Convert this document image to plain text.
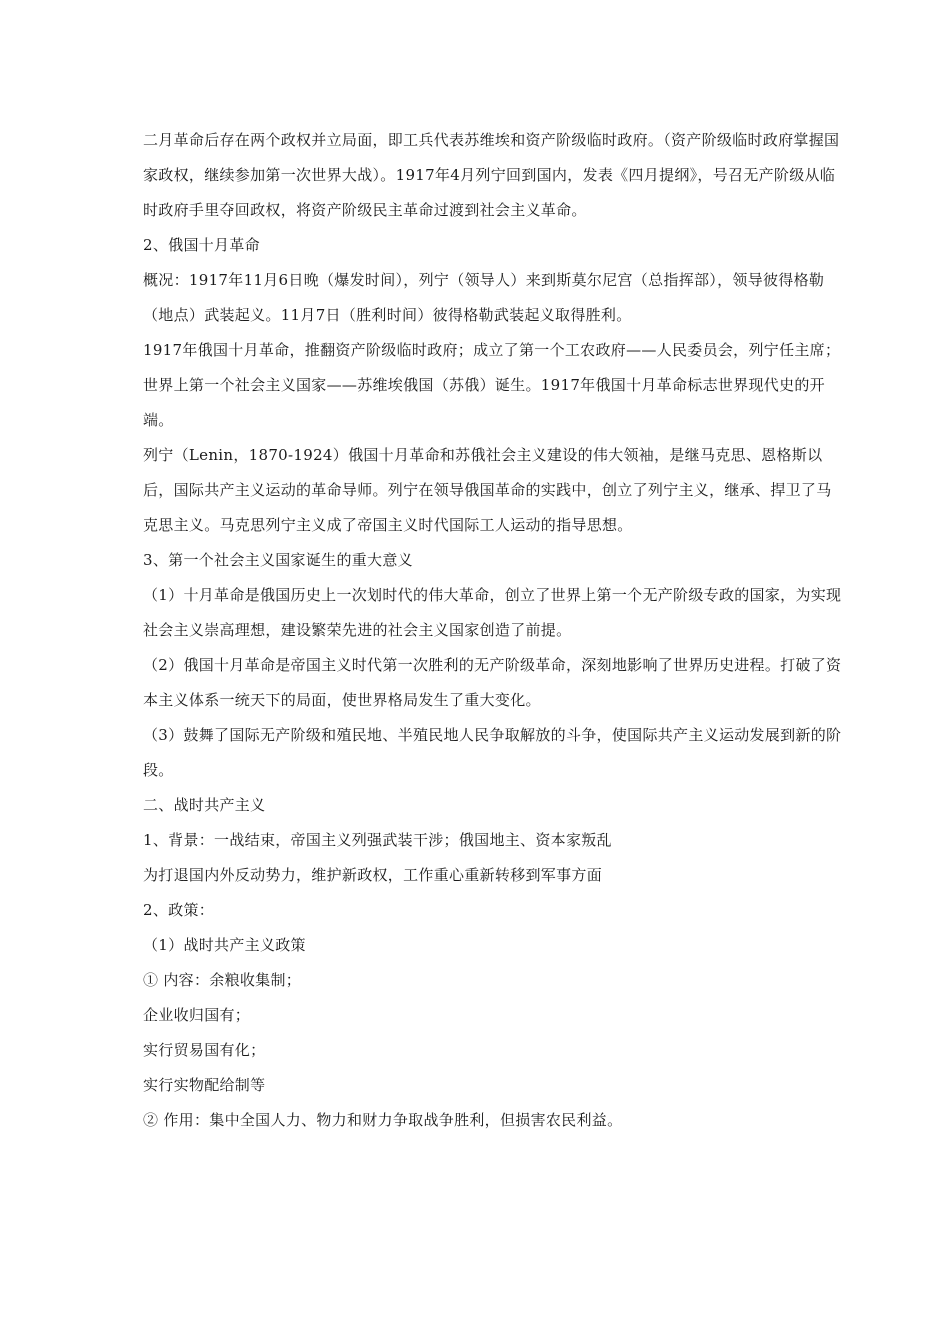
二月革命后存在两个政权并立局面，即工兵代表苏维埃和资产阶级临时政府。（资产阶级临时政府掌握国家政权，继续参加第一次世界大战）。1917年4月列宁回到国内，发表《四月提纲》，号召无产阶级从临时政府手里夺回政权，将资产阶级民主革命过渡到社会主义革命。

2、俄国十月革命

概况：1917年11月6日晚（爆发时间），列宁（领导人）来到斯莫尔尼宫（总指挥部），领导彼得格勒（地点）武装起义。11月7日（胜利时间）彼得格勒武装起义取得胜利。

1917年俄国十月革命，推翻资产阶级临时政府；成立了第一个工农政府——人民委员会，列宁任主席；世界上第一个社会主义国家——苏维埃俄国（苏俄）诞生。1917年俄国十月革命标志世界现代史的开端。

列宁（Lenin，1870-1924）俄国十月革命和苏俄社会主义建设的伟大领袖，是继马克思、恩格斯以后，国际共产主义运动的革命导师。列宁在领导俄国革命的实践中，创立了列宁主义，继承、捍卫了马克思主义。马克思列宁主义成了帝国主义时代国际工人运动的指导思想。

3、第一个社会主义国家诞生的重大意义

（1）十月革命是俄国历史上一次划时代的伟大革命，创立了世界上第一个无产阶级专政的国家，为实现社会主义崇高理想，建设繁荣先进的社会主义国家创造了前提。

（2）俄国十月革命是帝国主义时代第一次胜利的无产阶级革命，深刻地影响了世界历史进程。打破了资本主义体系一统天下的局面，使世界格局发生了重大变化。

（3）鼓舞了国际无产阶级和殖民地、半殖民地人民争取解放的斗争，使国际共产主义运动发展到新的阶段。

二、战时共产主义

1、背景：一战结束，帝国主义列强武装干涉；俄国地主、资本家叛乱

为打退国内外反动势力，维护新政权，工作重心重新转移到军事方面

2、政策：

（1）战时共产主义政策

① 内容：余粮收集制；

企业收归国有；

实行贸易国有化；

实行实物配给制等

② 作用：集中全国人力、物力和财力争取战争胜利，但损害农民利益。
